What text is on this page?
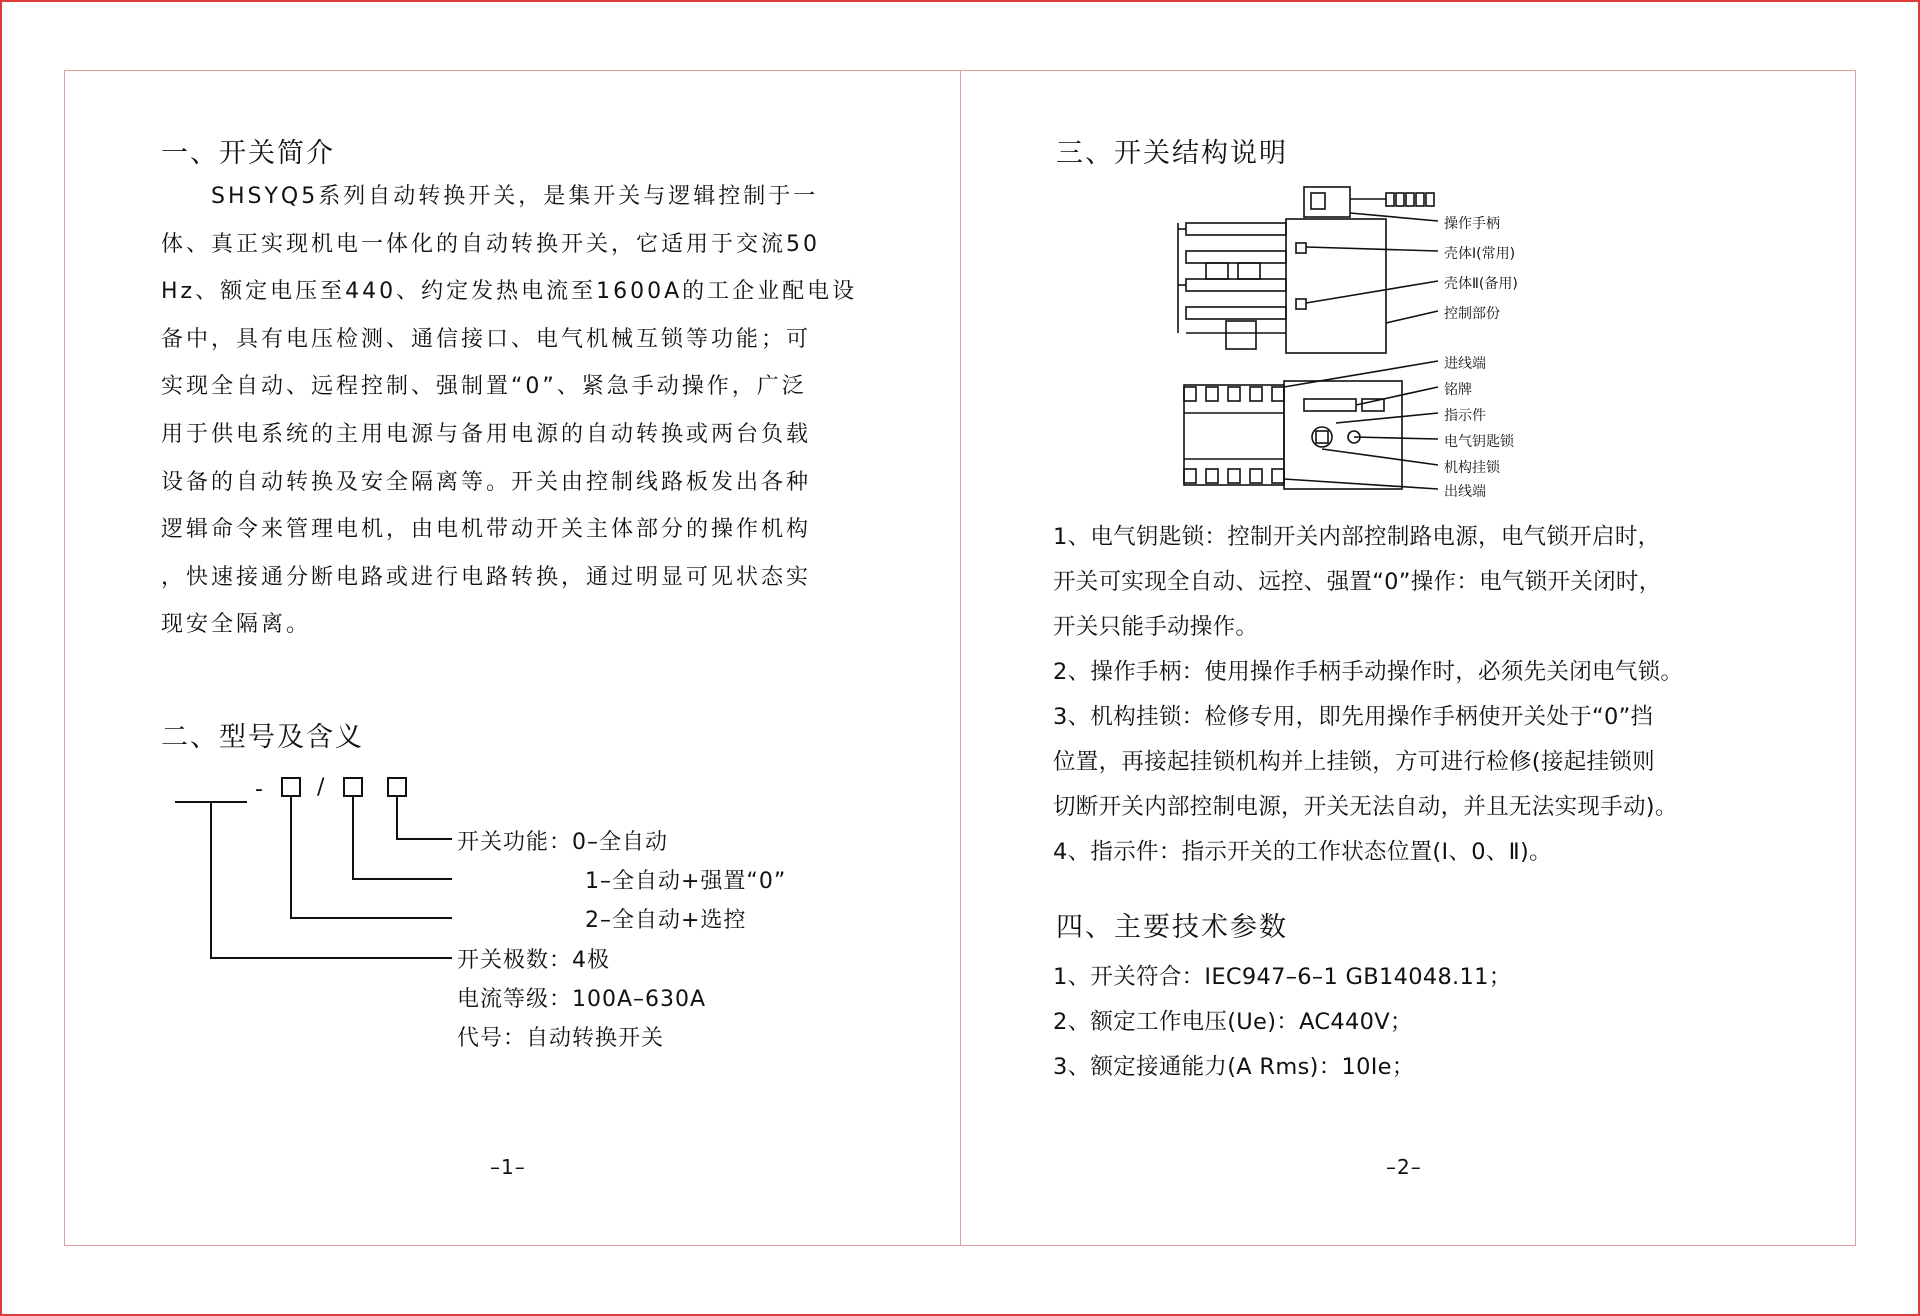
一、开关简介
　　SHSYQ5系列自动转换开关，是集开关与逻辑控制于一
体、真正实现机电一体化的自动转换开关，它适用于交流50
Hz、额定电压至440、约定发热电流至1600A的工企业配电设
备中，具有电压检测、通信接口、电气机械互锁等功能；可
实现全自动、远程控制、强制置“0”、紧急手动操作，广泛
用于供电系统的主用电源与备用电源的自动转换或两台负载
设备的自动转换及安全隔离等。开关由控制线路板发出各种
逻辑命令来管理电机，由电机带动开关主体部分的操作机构
，快速接通分断电路或进行电路转换，通过明显可见状态实
现安全隔离。
二、型号及含义
- /
开关功能：0–全自动
1–全自动+强置“0”
2–全自动+选控
开关极数：4极
电流等级：100A–630A
代号：自动转换开关
–1–
三、开关结构说明
操作手柄
壳体Ⅰ(常用)
壳体Ⅱ(备用)
控制部份
进线端
铭牌
指示件
电气钥匙锁
机构挂锁
出线端
1、电气钥匙锁：控制开关内部控制路电源，电气锁开启时，
开关可实现全自动、远控、强置“0”操作：电气锁开关闭时，
开关只能手动操作。
2、操作手柄：使用操作手柄手动操作时，必须先关闭电气锁。
3、机构挂锁：检修专用，即先用操作手柄使开关处于“0”挡
位置，再接起挂锁机构并上挂锁，方可进行检修(接起挂锁则
切断开关内部控制电源，开关无法自动，并且无法实现手动)。
4、指示件：指示开关的工作状态位置(Ⅰ、0、Ⅱ)。
四、主要技术参数
1、开关符合：IEC947–6–1 GB14048.11；
2、额定工作电压(Ue)：AC440V；
3、额定接通能力(A Rms)：10Ie；
–2–
